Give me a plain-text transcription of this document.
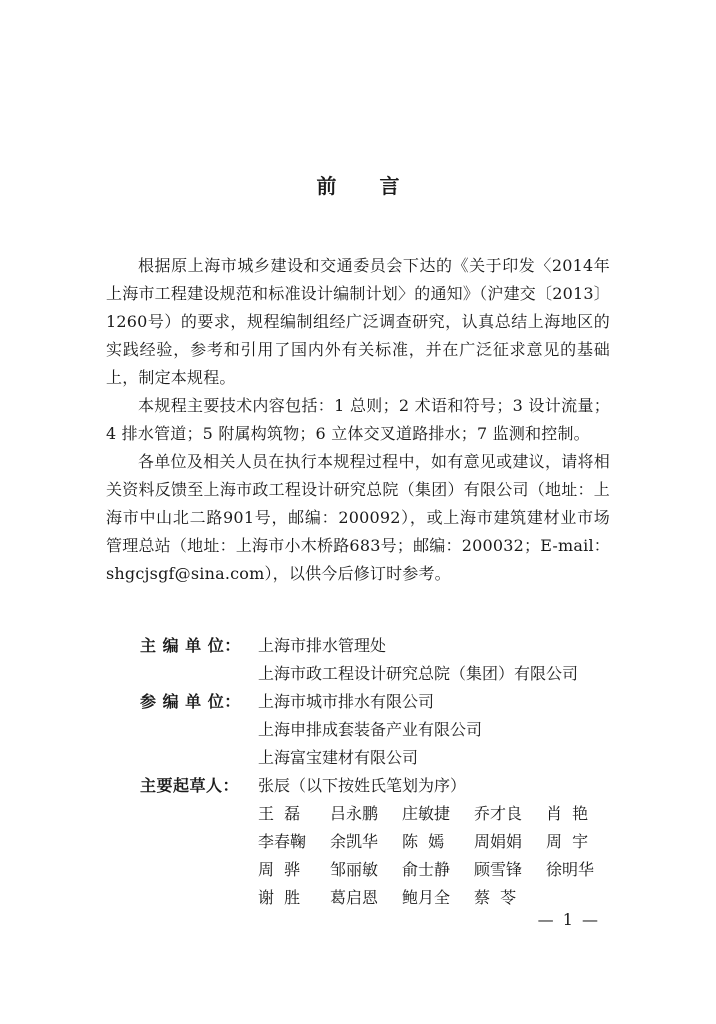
前 言

根据原上海市城乡建设和交通委员会下达的《关于印发〈2014年上海市工程建设规范和标准设计编制计划〉的通知》（沪建交〔2013〕1260号）的要求，规程编制组经广泛调查研究，认真总结上海地区的实践经验，参考和引用了国内外有关标准，并在广泛征求意见的基础上，制定本规程。

本规程主要技术内容包括：1 总则；2 术语和符号；3 设计流量；4 排水管道；5 附属构筑物；6 立体交叉道路排水；7 监测和控制。

各单位及相关人员在执行本规程过程中，如有意见或建议，请将相关资料反馈至上海市政工程设计研究总院（集团）有限公司（地址：上海市中山北二路901号，邮编：200092），或上海市建筑建材业市场管理总站（地址：上海市小木桥路683号；邮编：200032；E-mail：shgcjsgf@sina.com），以供今后修订时参考。

主 编 单 位：	上海市排水管理处
上海市政工程设计研究总院（集团）有限公司
参 编 单 位：	上海市城市排水有限公司
上海申排成套装备产业有限公司
上海富宝建材有限公司
主要起草人：	张辰（以下按姓氏笔划为序）
王  磊	吕永鹏	庄敏捷	乔才良	肖  艳
李春鞠	余凯华	陈  嫣	周娟娟	周  宇
周  骅	邹丽敏	俞士静	顾雪锋	徐明华
谢  胜	葛启恩	鲍月全	蔡  苓
— 1 —
